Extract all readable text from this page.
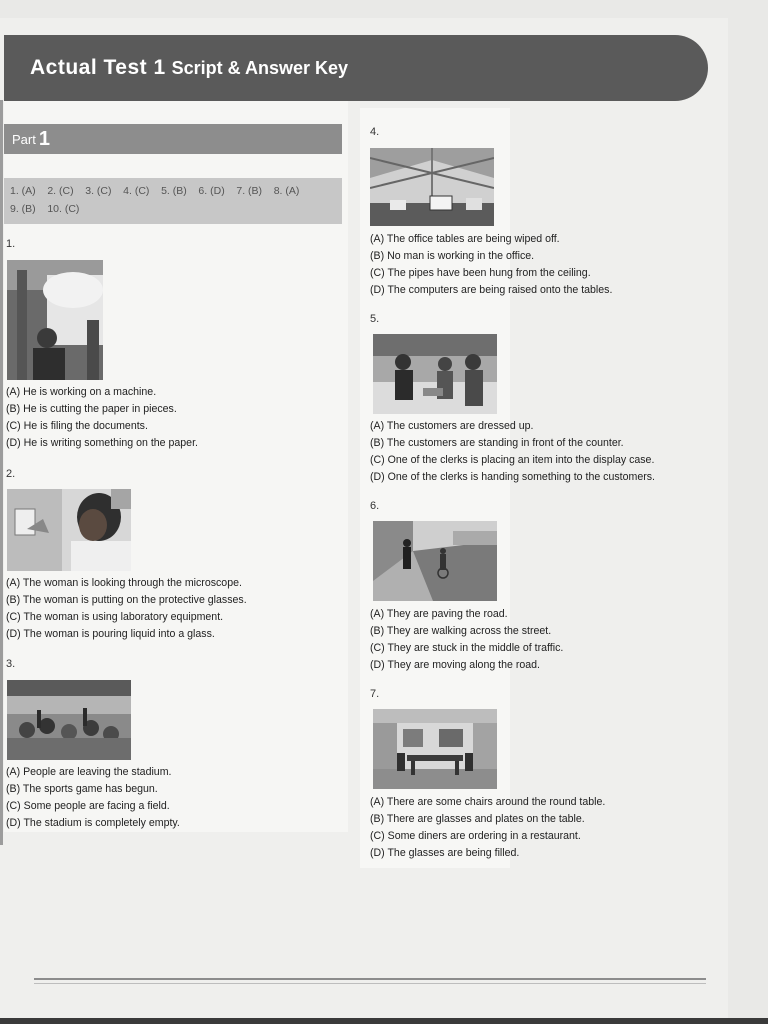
Actual Test 1 Script & Answer Key
Part 1
1. (A)    2. (C)    3. (C)    4. (C)    5. (B)    6. (D)    7. (B)    8. (A)
9. (B)    10. (C)
1.
(A) He is working on a machine.
(B) He is cutting the paper in pieces.
(C) He is filing the documents.
(D) He is writing something on the paper.
2.
(A) The woman is looking through the microscope.
(B) The woman is putting on the protective glasses.
(C) The woman is using laboratory equipment.
(D) The woman is pouring liquid into a glass.
3.
(A) People are leaving the stadium.
(B) The sports game has begun.
(C) Some people are facing a field.
(D) The stadium is completely empty.
4.
(A) The office tables are being wiped off.
(B) No man is working in the office.
(C) The pipes have been hung from the ceiling.
(D) The computers are being raised onto the tables.
5.
(A) The customers are dressed up.
(B) The customers are standing in front of the counter.
(C) One of the clerks is placing an item into the display case.
(D) One of the clerks is handing something to the customers.
6.
(A) They are paving the road.
(B) They are walking across the street.
(C) They are stuck in the middle of traffic.
(D) They are moving along the road.
7.
(A) There are some chairs around the round table.
(B) There are glasses and plates on the table.
(C) Some diners are ordering in a restaurant.
(D) The glasses are being filled.
